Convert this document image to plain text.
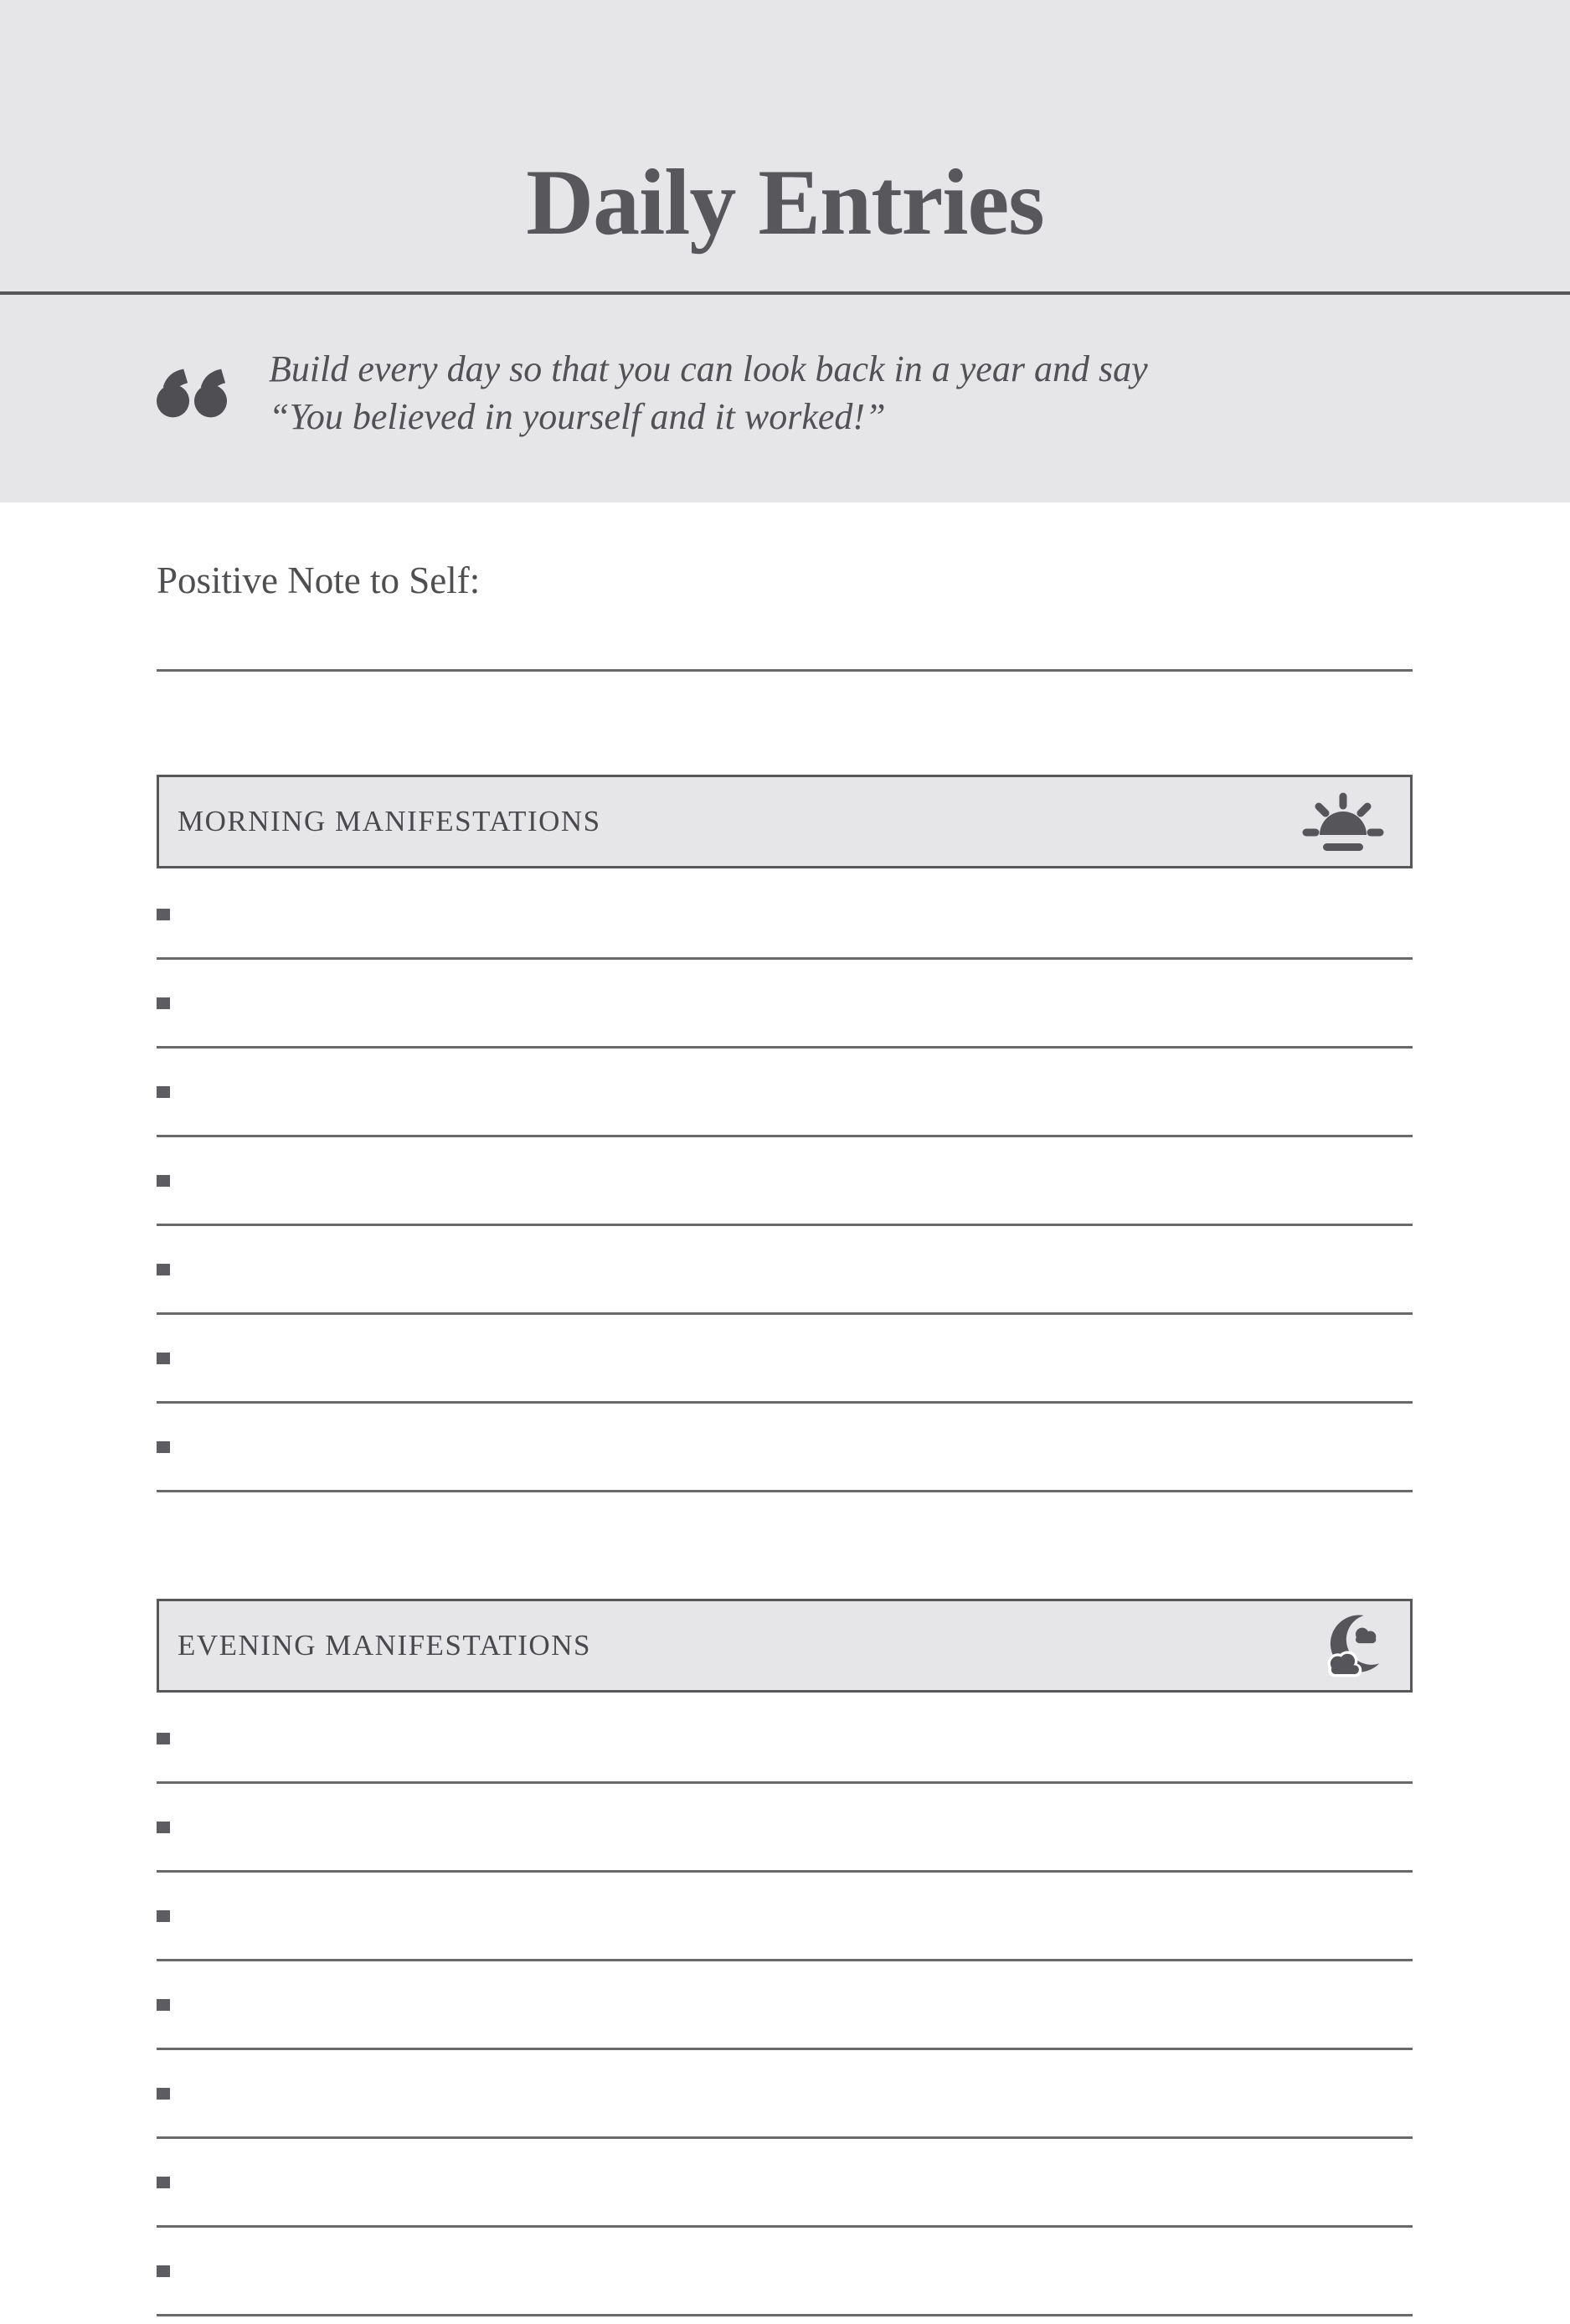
Daily Entries
Build every day so that you can look back in a year and say
“You believed in yourself and it worked!”
Positive Note to Self:
MORNING MANIFESTATIONS
EVENING MANIFESTATIONS
